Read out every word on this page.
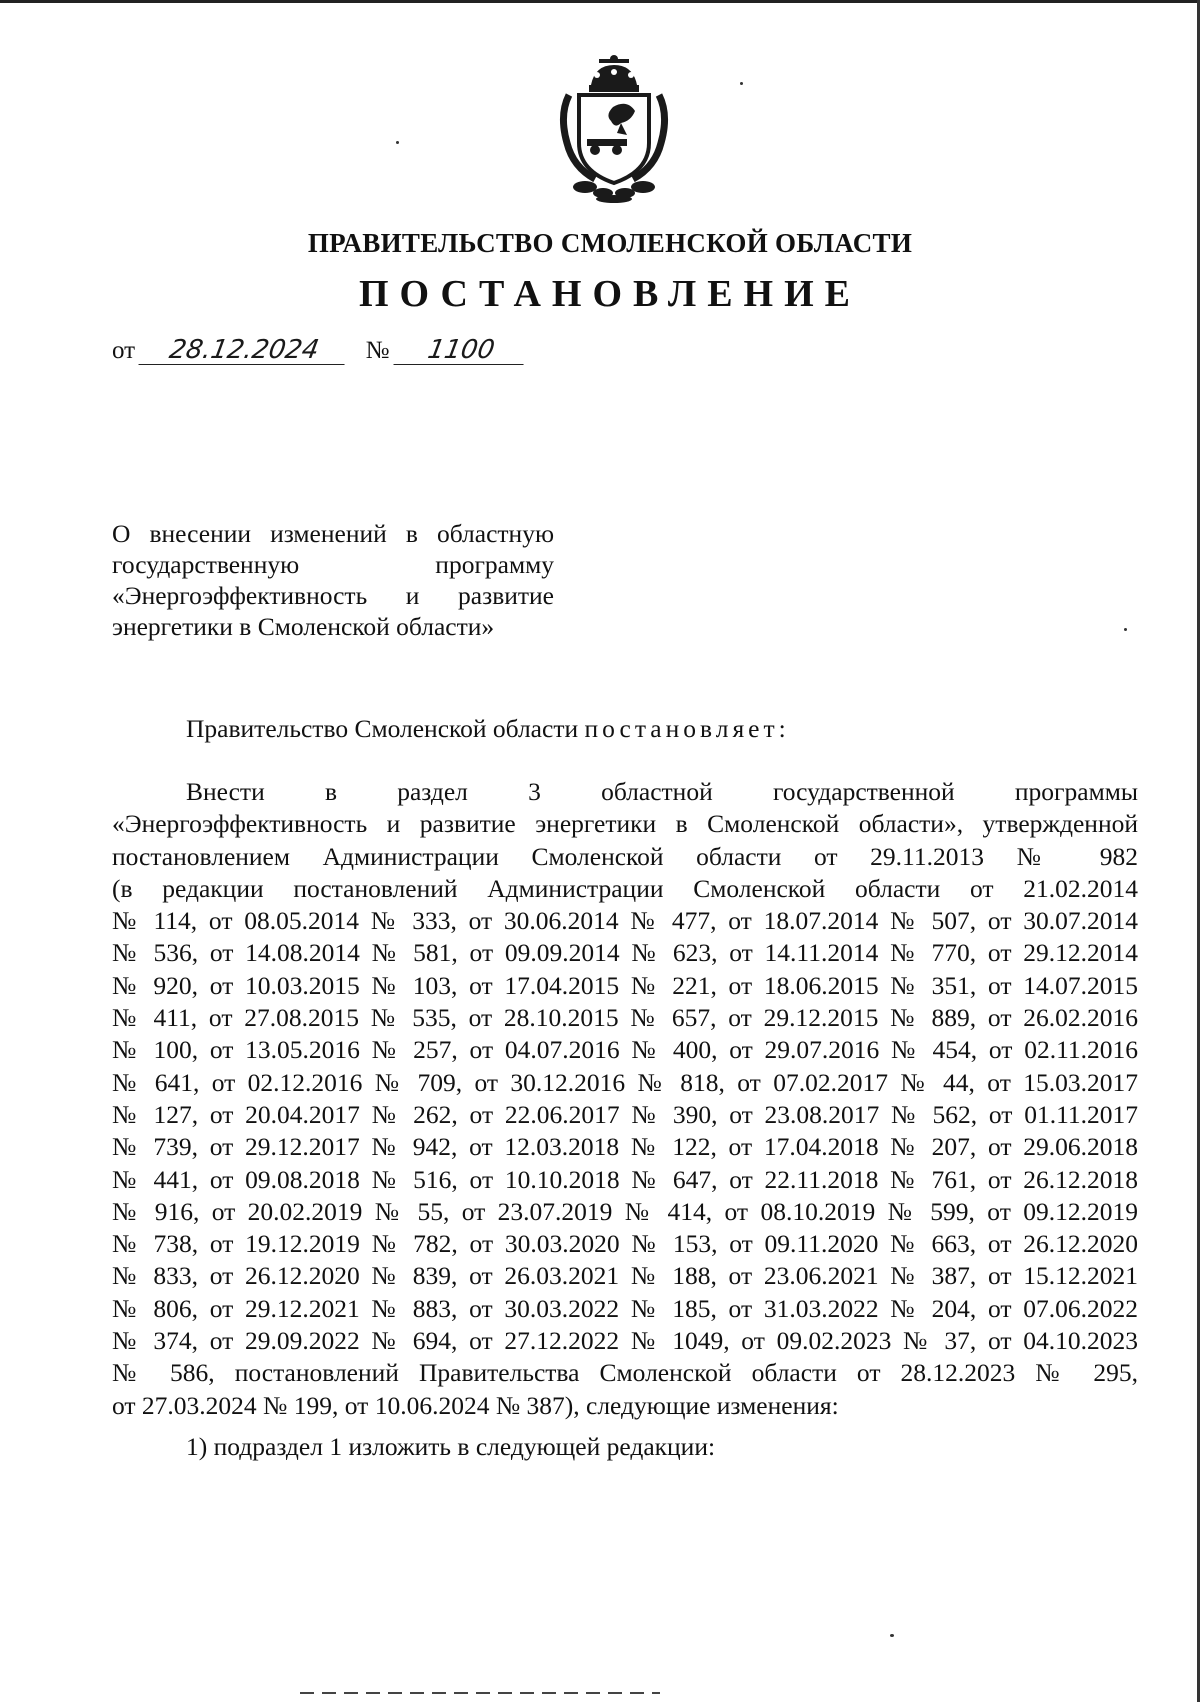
ПРАВИТЕЛЬСТВО СМОЛЕНСКОЙ ОБЛАСТИ
ПОСТАНОВЛЕНИЕ
от 28.12.2024 № 1100
О внесении изменений в областную
государственную программу
«Энергоэффективность и развитие
энергетики в Смоленской области»
Правительство Смоленской области постановляет:
Внести в раздел 3 областной государственной программы
«Энергоэффективность и развитие энергетики в Смоленской области», утвержденной
постановлением Администрации Смоленской области от 29.11.2013 № 982
(в редакции постановлений Администрации Смоленской области от 21.02.2014
№ 114, от 08.05.2014 № 333, от 30.06.2014 № 477, от 18.07.2014 № 507, от 30.07.2014
№ 536, от 14.08.2014 № 581, от 09.09.2014 № 623, от 14.11.2014 № 770, от 29.12.2014
№ 920, от 10.03.2015 № 103, от 17.04.2015 № 221, от 18.06.2015 № 351, от 14.07.2015
№ 411, от 27.08.2015 № 535, от 28.10.2015 № 657, от 29.12.2015 № 889, от 26.02.2016
№ 100, от 13.05.2016 № 257, от 04.07.2016 № 400, от 29.07.2016 № 454, от 02.11.2016
№ 641, от 02.12.2016 № 709, от 30.12.2016 № 818, от 07.02.2017 № 44, от 15.03.2017
№ 127, от 20.04.2017 № 262, от 22.06.2017 № 390, от 23.08.2017 № 562, от 01.11.2017
№ 739, от 29.12.2017 № 942, от 12.03.2018 № 122, от 17.04.2018 № 207, от 29.06.2018
№ 441, от 09.08.2018 № 516, от 10.10.2018 № 647, от 22.11.2018 № 761, от 26.12.2018
№ 916, от 20.02.2019 № 55, от 23.07.2019 № 414, от 08.10.2019 № 599, от 09.12.2019
№ 738, от 19.12.2019 № 782, от 30.03.2020 № 153, от 09.11.2020 № 663, от 26.12.2020
№ 833, от 26.12.2020 № 839, от 26.03.2021 № 188, от 23.06.2021 № 387, от 15.12.2021
№ 806, от 29.12.2021 № 883, от 30.03.2022 № 185, от 31.03.2022 № 204, от 07.06.2022
№ 374, от 29.09.2022 № 694, от 27.12.2022 № 1049, от 09.02.2023 № 37, от 04.10.2023
№ 586, постановлений Правительства Смоленской области от 28.12.2023 № 295,
от 27.03.2024 № 199, от 10.06.2024 № 387), следующие изменения:
1) подраздел 1 изложить в следующей редакции:
